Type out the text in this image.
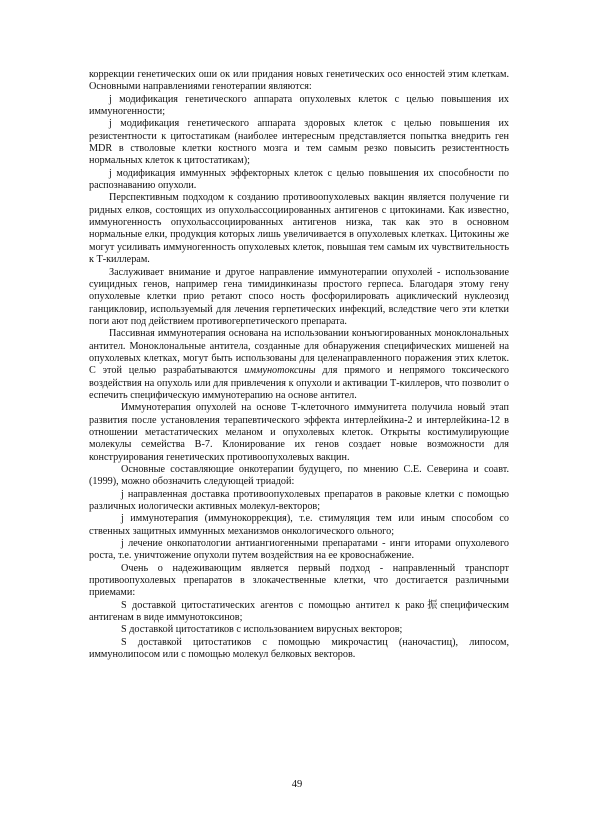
коррекции генетических оши ок или придания новых генетических осо енностей этим клеткам. Основными направлениями генотерапии являются:

j модификация генетического аппарата опухолевых клеток с целью повышения их иммуногенности;

j модификация генетического аппарата здоровых клеток с целью повышения их резистентности к цитостатикам (наиболее интересным представляется попытка внедрить ген MDR в стволовые клетки костного мозга и тем самым резко повысить резистентность нормальных клеток к цитостатикам);

j модификация иммунных эффекторных клеток с целью повышения их способности по распознаванию опухоли.

Перспективным подходом к созданию противоопухолевых вакцин является получение ги ридных елков, состоящих из опухольассоциированных антигенов с цитокинами. Как известно, иммуногенность опухольассоциированных антигенов низка, так как это в основном нормальные елки, продукция которых лишь увеличивается в опухолевых клетках. Цитокины же могут усиливать иммуногенность опухолевых клеток, повышая тем самым их чувствительность к Т-киллерам.

Заслуживает внимание и другое направление иммунотерапии опухолей - использование суицидных генов, например гена тимидинкиназы простого герпеса. Благодаря этому гену опухолевые клетки прио ретают спосо ность фосфорилировать ациклический нуклеозид ганцикловир, используемый для лечения герпетических инфекций, вследствие чего эти клетки поги ают под действием противогерпетического препарата.

Пассивная иммунотерапия основана на использовании конъюгированных моноклональных антител. Моноклональные антитела, созданные для обнаружения специфических мишеней на опухолевых клетках, могут быть использованы для целенаправленного поражения этих клеток. С этой целью разрабатываются иммунотоксины для прямого и непрямого токсического воздействия на опухоль или для привлечения к опухоли и активации Т-киллеров, что позволит о еспечить специфическую иммунотерапию на основе антител.

Иммунотерапия опухолей на основе Т-клеточного иммунитета получила новый этап развития после установления терапевтического эффекта интерлейкина-2 и интерлейкина-12 в отношении метастатических меланом и опухолевых клеток. Открыты костимулирующие молекулы семейства В-7. Клонирование их генов создает новые возможности для конструирования генетических противоопухолевых вакцин.

Основные составляющие онкотерапии будущего, по мнению С.Е. Северина и соавт. (1999), можно обозначить следующей триадой:

j направленная доставка противоопухолевых препаратов в раковые клетки с помощью различных иологически активных молекул-векторов;

j иммунотерапия (иммунокоррекция), т.е. стимуляция тем или иным способом со ственных защитных иммунных механизмов онкологического ольного;

j лечение онкопатологии антиангиогенными препаратами - инги иторами опухолевого роста, т.е. уничтожение опухоли путем воздействия на ее кровоснабжение.

Очень о надеживающим является первый подход - направленный транспорт противоопухолевых препаратов в злокачественные клетки, что достигается различными приемами:

S доставкой цитостатических агентов с помощью антител к рако振специфическим антигенам в виде иммунотоксинов;

S доставкой цитостатиков с использованием вирусных векторов;

S доставкой цитостатиков с помощью микрочастиц (наночастиц), липосом, иммунолипосом или с помощью молекул белковых векторов.

49
